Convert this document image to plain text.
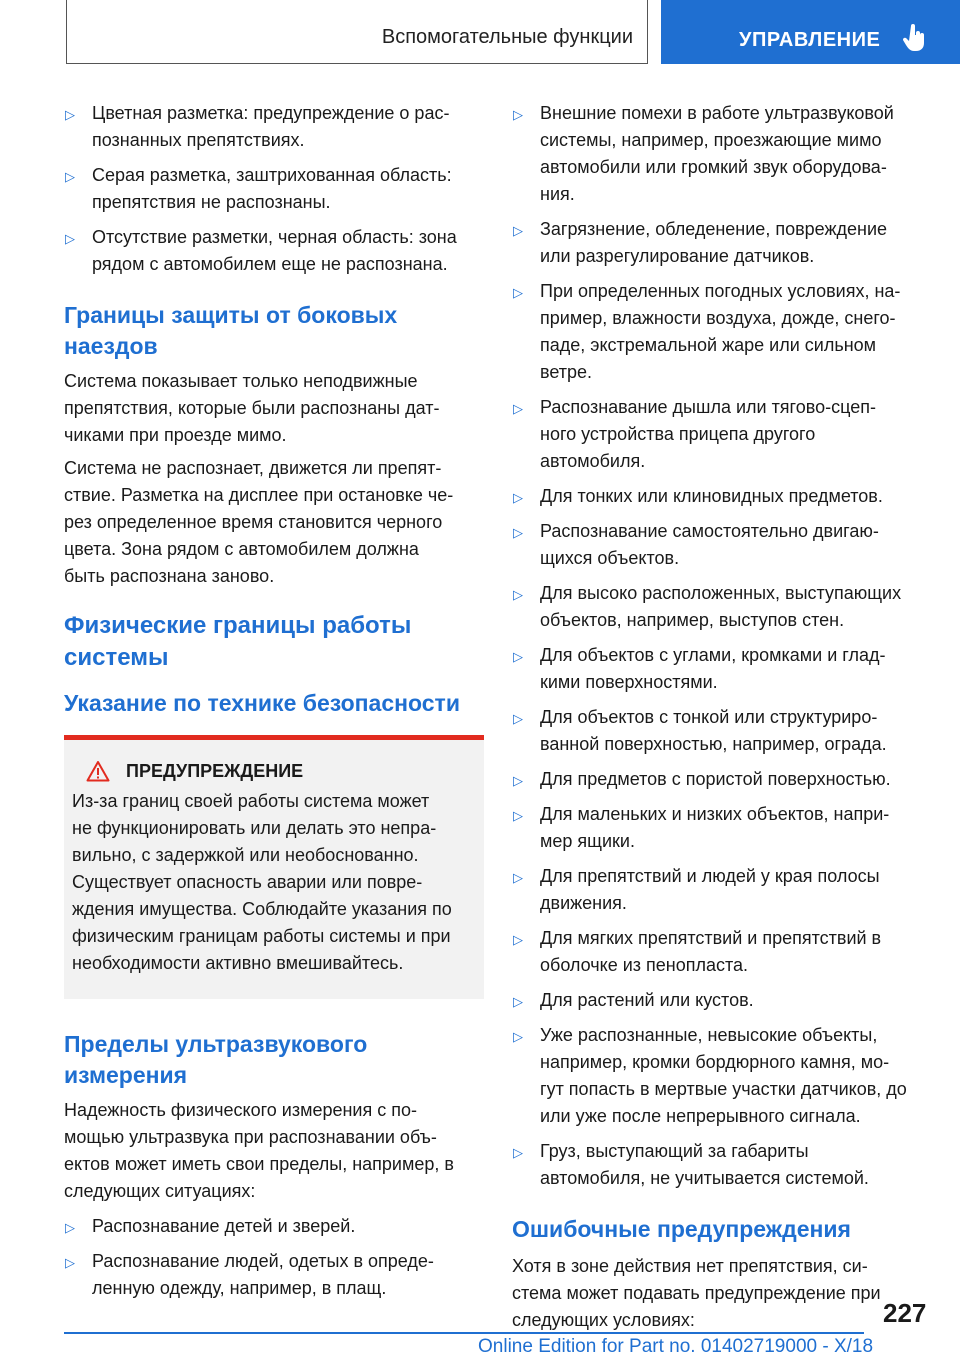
Вспомогательные функции	УПРАВЛЕНИЕ
▷ Цветная разметка: предупреждение о рас-
познанных препятствиях.
▷ Серая разметка, заштрихованная область:
препятствия не распознаны.
▷ Отсутствие разметки, черная область: зона
рядом с автомобилем еще не распознана.
Границы защиты от боковых
наездов

Система показывает только неподвижные
препятствия, которые были распознаны дат-
чиками при проезде мимо.

Система не распознает, движется ли препят-
ствие. Разметка на дисплее при остановке че-
рез определенное время становится черного
цвета. Зона рядом с автомобилем должна
быть распознана заново.

Физические границы работы
системы
Указание по технике безопасности
ПРЕДУПРЕЖДЕНИЕ
Из-за границ своей работы система может
не функционировать или делать это непра-
вильно, с задержкой или необоснованно.
Существует опасность аварии или повре-
ждения имущества. Соблюдайте указания по
физическим границам работы системы и при
необходимости активно вмешивайтесь.
Пределы ультразвукового
измерения

Надежность физического измерения с по-
мощью ультразвука при распознавании объ-
ектов может иметь свои пределы, например, в
следующих ситуациях:

▷ Распознавание детей и зверей.
▷ Распознавание людей, одетых в опреде-
ленную одежду, например, в плащ.
▷ Внешние помехи в работе ультразвуковой
системы, например, проезжающие мимо
автомобили или громкий звук оборудова-
ния.
▷ Загрязнение, обледенение, повреждение
или разрегулирование датчиков.
▷ При определенных погодных условиях, на-
пример, влажности воздуха, дожде, снего-
паде, экстремальной жаре или сильном
ветре.
▷ Распознавание дышла или тягово-сцеп-
ного устройства прицепа другого
автомобиля.
▷ Для тонких или клиновидных предметов.
▷ Распознавание самостоятельно двигаю-
щихся объектов.
▷ Для высоко расположенных, выступающих
объектов, например, выступов стен.
▷ Для объектов с углами, кромками и глад-
кими поверхностями.
▷ Для объектов с тонкой или структуриро-
ванной поверхностью, например, ограда.
▷ Для предметов с пористой поверхностью.
▷ Для маленьких и низких объектов, напри-
мер ящики.
▷ Для препятствий и людей у края полосы
движения.
▷ Для мягких препятствий и препятствий в
оболочке из пенопласта.
▷ Для растений или кустов.
▷ Уже распознанные, невысокие объекты,
например, кромки бордюрного камня, мо-
гут попасть в мертвые участки датчиков, до
или уже после непрерывного сигнала.
▷ Груз, выступающий за габариты
автомобиля, не учитывается системой.
Ошибочные предупреждения

Хотя в зоне действия нет препятствия, си-
стема может подавать предупреждение при
следующих условиях:	227
Online Edition for Part no. 01402719000 - X/18
